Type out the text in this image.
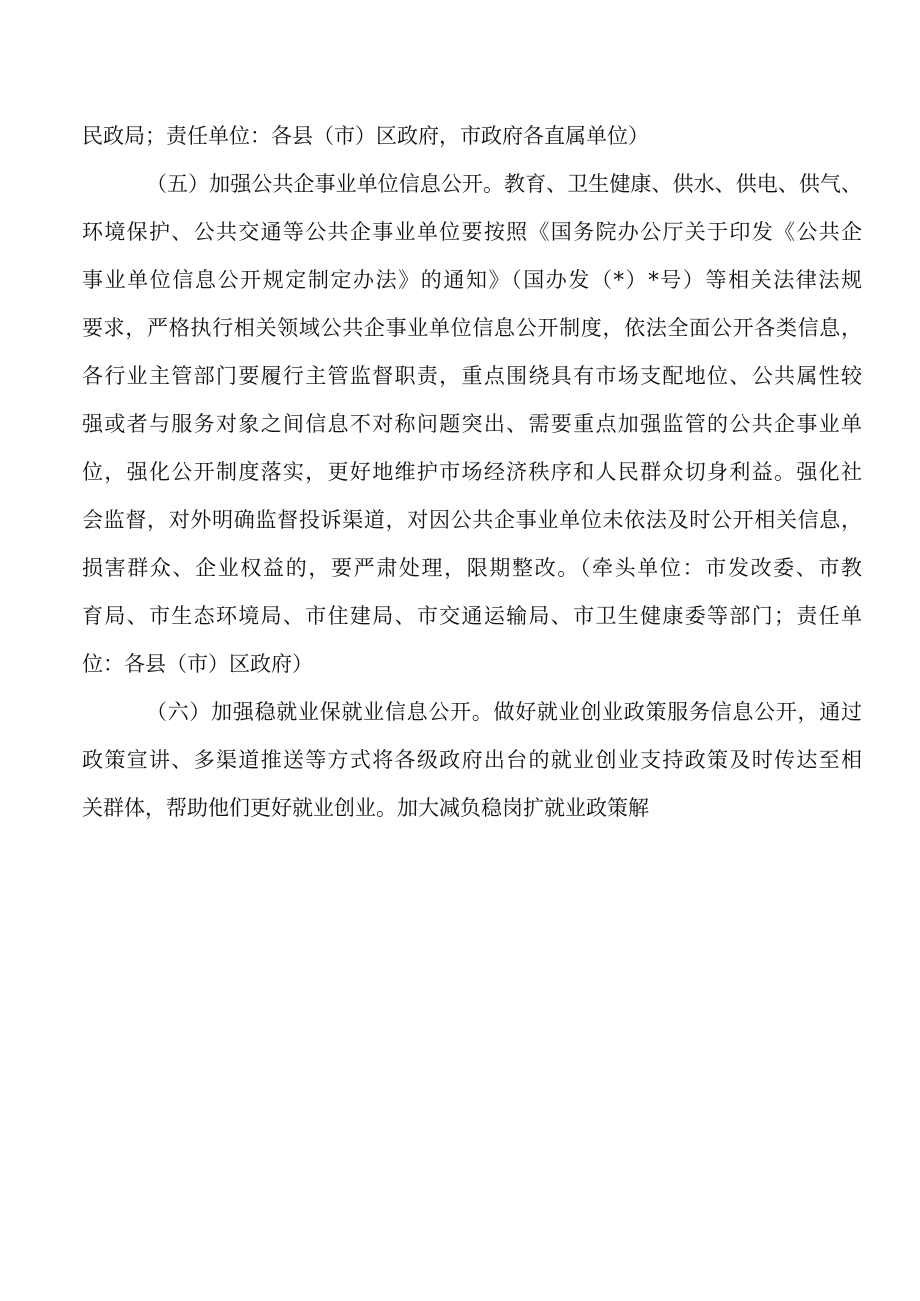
民政局；责任单位：各县（市）区政府，市政府各直属单位）
（五）加强公共企事业单位信息公开。教育、卫生健康、供水、供电、供气、
环境保护、公共交通等公共企事业单位要按照《国务院办公厅关于印发《公共企
事业单位信息公开规定制定办法》的通知》（国办发（*）*号）等相关法律法规
要求，严格执行相关领域公共企事业单位信息公开制度，依法全面公开各类信息，
各行业主管部门要履行主管监督职责，重点围绕具有市场支配地位、公共属性较
强或者与服务对象之间信息不对称问题突出、需要重点加强监管的公共企事业单
位，强化公开制度落实，更好地维护市场经济秩序和人民群众切身利益。强化社
会监督，对外明确监督投诉渠道，对因公共企事业单位未依法及时公开相关信息，
损害群众、企业权益的，要严肃处理，限期整改。（牵头单位：市发改委、市教
育局、市生态环境局、市住建局、市交通运输局、市卫生健康委等部门；责任单
位：各县（市）区政府）
（六）加强稳就业保就业信息公开。做好就业创业政策服务信息公开，通过
政策宣讲、多渠道推送等方式将各级政府出台的就业创业支持政策及时传达至相
关群体，帮助他们更好就业创业。加大减负稳岗扩就业政策解
